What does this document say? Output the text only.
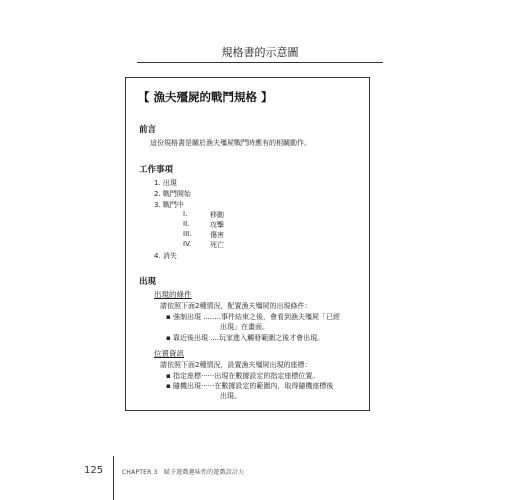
規格書的示意圖
【 漁夫殭屍的戰鬥規格 】
前言
這份規格書是關於漁夫殭屍戰鬥時應有的相關動作。
工作事項
1. 出現
2. 戰鬥開始
3. 戰鬥中
I.	移動
II.	攻擊
III.	傷害
IV.	死亡
4. 消失
出現
出現的條件
請依照下面2種情況，配置漁夫殭屍的出現條件：
▪ 強制出現 ........事件結束之後，會看到漁夫殭屍「已經
出現」在畫面。
▪ 靠近後出現 ....玩家進入觸發範圍之後才會出現。
位置資訊
請依照下面2種情況，設置漁夫殭屍出現的座標：
▪ 指定座標······出現在數據設定的指定座標位置。
▪ 隨機出現······在數據設定的範圍內，取得隨機座標後
出現。
125	CHAPTER 3　賦予遊戲趣味性的遊戲設計力
